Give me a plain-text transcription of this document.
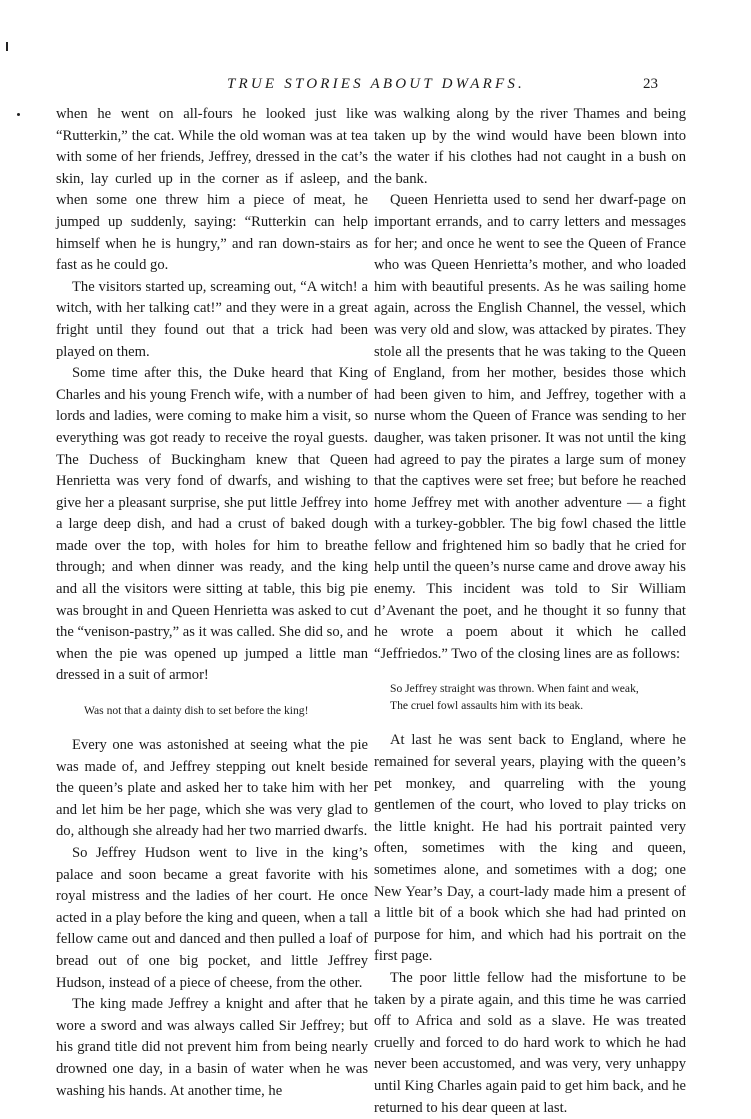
TRUE STORIES ABOUT DWARFS.	23

when he went on all-fours he looked just like “Rutterkin,” the cat. While the old woman was at tea with some of her friends, Jeffrey, dressed in the cat’s skin, lay curled up in the corner as if asleep, and when some one threw him a piece of meat, he jumped up suddenly, saying: “Rutterkin can help himself when he is hungry,” and ran down-stairs as fast as he could go.

The visitors started up, screaming out, “A witch! a witch, with her talking cat!” and they were in a great fright until they found out that a trick had been played on them.

Some time after this, the Duke heard that King Charles and his young French wife, with a number of lords and ladies, were coming to make him a visit, so everything was got ready to receive the royal guests. The Duchess of Buckingham knew that Queen Henrietta was very fond of dwarfs, and wishing to give her a pleasant surprise, she put little Jeffrey into a large deep dish, and had a crust of baked dough made over the top, with holes for him to breathe through; and when dinner was ready, and the king and all the visitors were sitting at table, this big pie was brought in and Queen Henrietta was asked to cut the “venison-pastry,” as it was called. She did so, and when the pie was opened up jumped a little man dressed in a suit of armor!

Was not that a dainty dish to set before the king!

Every one was astonished at seeing what the pie was made of, and Jeffrey stepping out knelt beside the queen’s plate and asked her to take him with her and let him be her page, which she was very glad to do, although she already had her two married dwarfs.

So Jeffrey Hudson went to live in the king’s palace and soon became a great favorite with his royal mistress and the ladies of her court. He once acted in a play before the king and queen, when a tall fellow came out and danced and then pulled a loaf of bread out of one big pocket, and little Jeffrey Hudson, instead of a piece of cheese, from the other.

The king made Jeffrey a knight and after that he wore a sword and was always called Sir Jeffrey; but his grand title did not prevent him from being nearly drowned one day, in a basin of water when he was washing his hands. At another time, he

was walking along by the river Thames and being taken up by the wind would have been blown into the water if his clothes had not caught in a bush on the bank.

Queen Henrietta used to send her dwarf-page on important errands, and to carry letters and messages for her; and once he went to see the Queen of France who was Queen Henrietta’s mother, and who loaded him with beautiful presents. As he was sailing home again, across the English Channel, the vessel, which was very old and slow, was attacked by pirates. They stole all the presents that he was taking to the Queen of England, from her mother, besides those which had been given to him, and Jeffrey, together with a nurse whom the Queen of France was sending to her daugher, was taken prisoner. It was not until the king had agreed to pay the pirates a large sum of money that the captives were set free; but before he reached home Jeffrey met with another adventure — a fight with a turkey-gobbler. The big fowl chased the little fellow and frightened him so badly that he cried for help until the queen’s nurse came and drove away his enemy. This incident was told to Sir William d’Avenant the poet, and he thought it so funny that he wrote a poem about it which he called “Jeffriedos.” Two of the closing lines are as follows:

So Jeffrey straight was thrown. When faint and weak,
The cruel fowl assaults him with its beak.

At last he was sent back to England, where he remained for several years, playing with the queen’s pet monkey, and quarreling with the young gentlemen of the court, who loved to play tricks on the little knight. He had his portrait painted very often, sometimes with the king and queen, sometimes alone, and sometimes with a dog; one New Year’s Day, a court-lady made him a present of a little bit of a book which she had had printed on purpose for him, and which had his portrait on the first page.

The poor little fellow had the misfortune to be taken by a pirate again, and this time he was carried off to Africa and sold as a slave. He was treated cruelly and forced to do hard work to which he had never been accustomed, and was very, very unhappy until King Charles again paid to get him back, and he returned to his dear queen at last.
